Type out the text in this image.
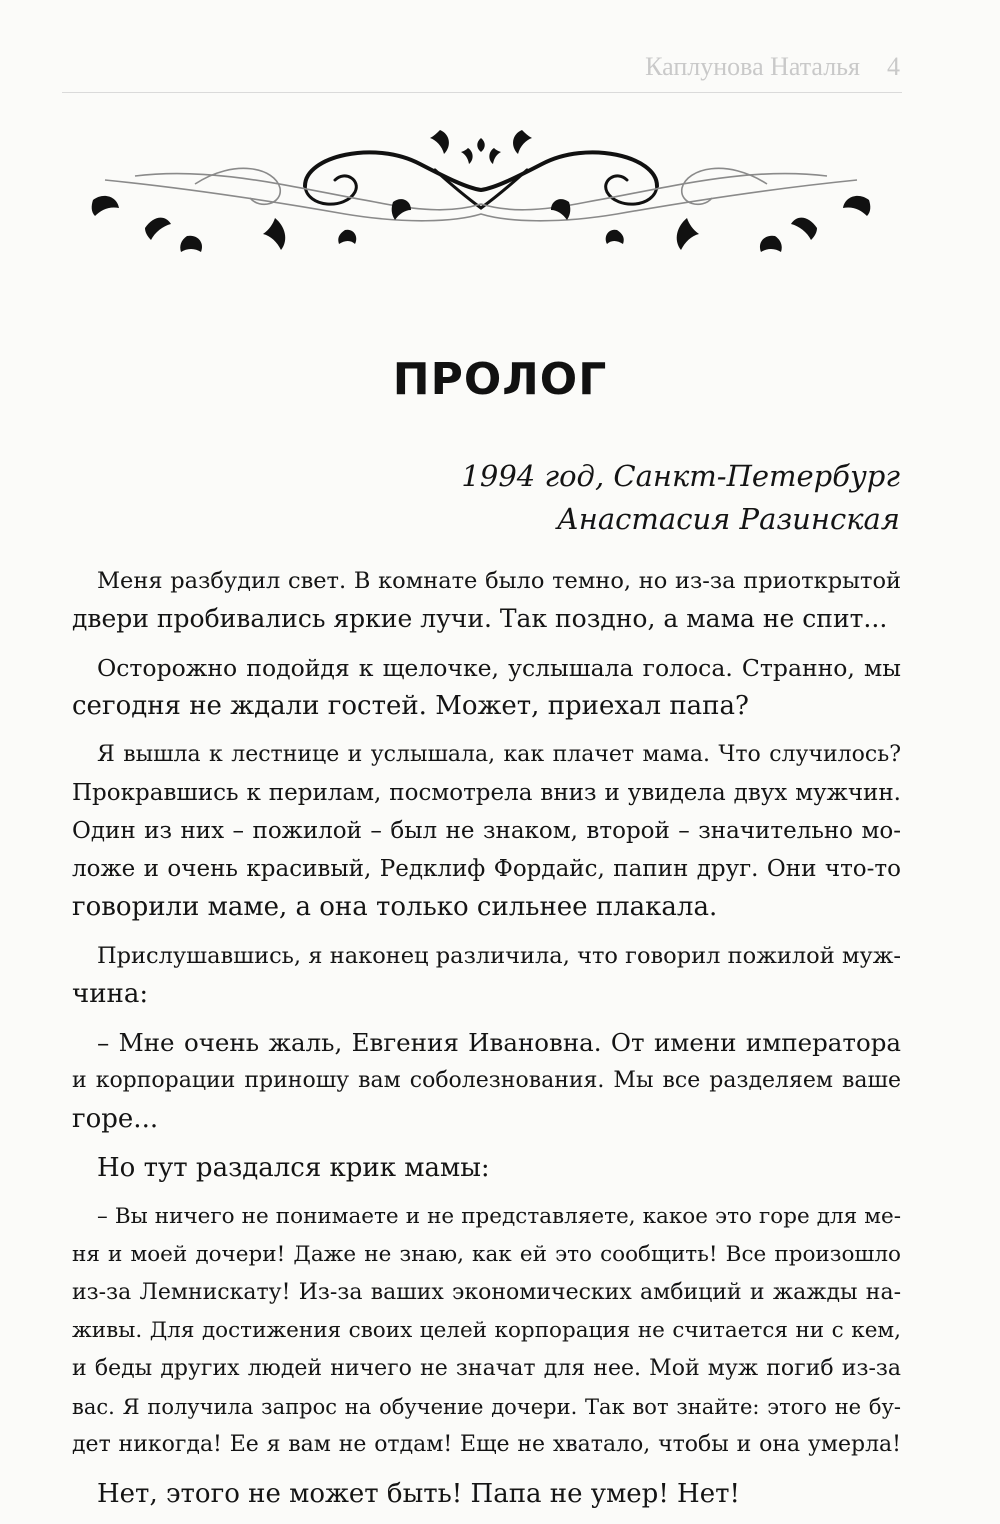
Каплунова Наталья 4
ПРОЛОГ
1994 год, Санкт-Петербург
Анастасия Разинская
Меня разбудил свет. В комнате было темно, но из-за приоткрытой
двери пробивались яркие лучи. Так поздно, а мама не спит...
Осторожно подойдя к щелочке, услышала голоса. Странно, мы
сегодня не ждали гостей. Может, приехал папа?
Я вышла к лестнице и услышала, как плачет мама. Что случилось?
Прокравшись к перилам, посмотрела вниз и увидела двух мужчин.
Один из них – пожилой – был не знаком, второй – значительно мо-
ложе и очень красивый, Редклиф Фордайс, папин друг. Они что-то
говорили маме, а она только сильнее плакала.
Прислушавшись, я наконец различила, что говорил пожилой муж-
чина:
– Мне очень жаль, Евгения Ивановна. От имени императора
и корпорации приношу вам соболезнования. Мы все разделяем ваше
горе...
Но тут раздался крик мамы:
– Вы ничего не понимаете и не представляете, какое это горе для ме-
ня и моей дочери! Даже не знаю, как ей это сообщить! Все произошло
из-за Лемнискату! Из-за ваших экономических амбиций и жажды на-
живы. Для достижения своих целей корпорация не считается ни с кем,
и беды других людей ничего не значат для нее. Мой муж погиб из-за
вас. Я получила запрос на обучение дочери. Так вот знайте: этого не бу-
дет никогда! Ее я вам не отдам! Еще не хватало, чтобы и она умерла!
Нет, этого не может быть! Папа не умер! Нет!
